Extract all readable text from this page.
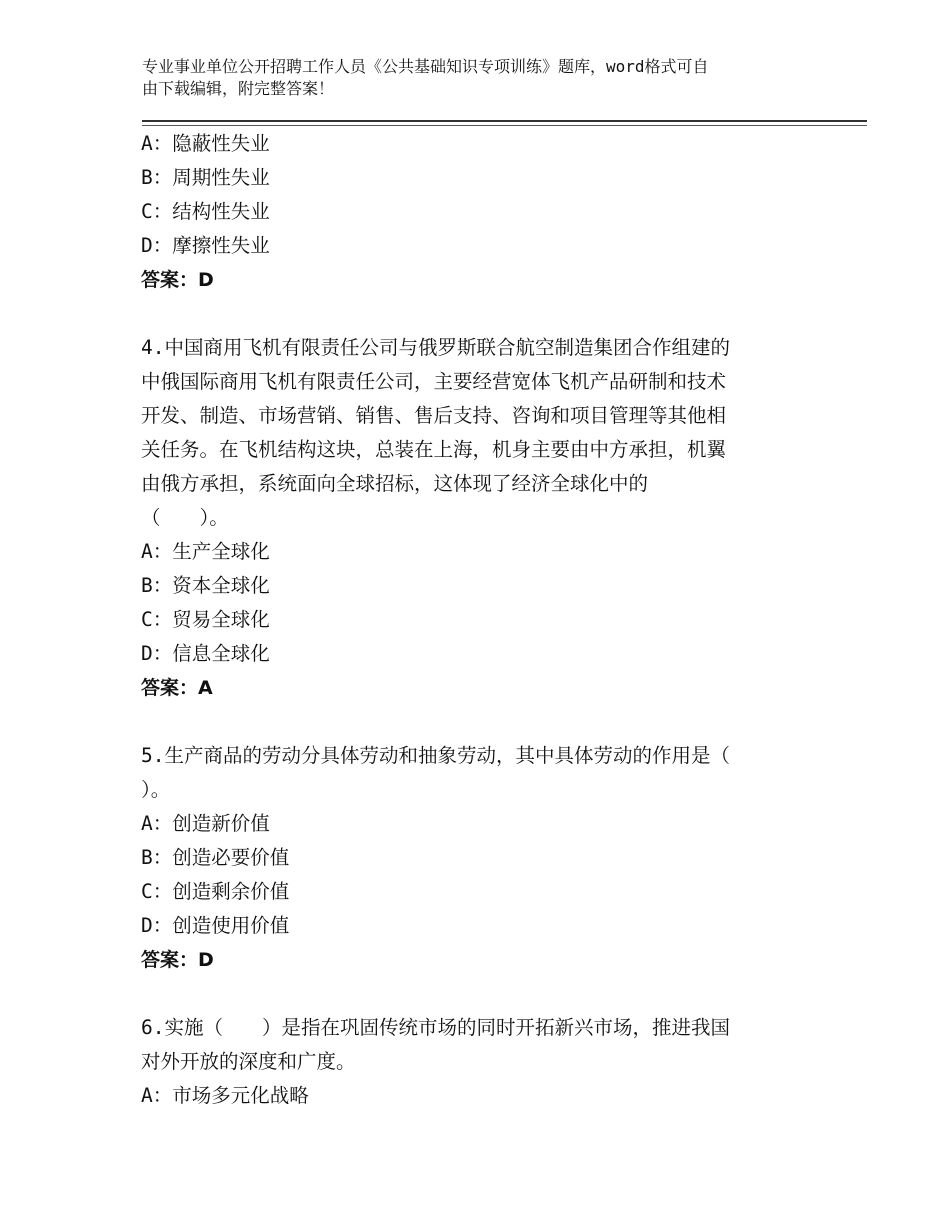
专业事业单位公开招聘工作人员《公共基础知识专项训练》题库，word格式可自
由下载编辑，附完整答案！
A：隐蔽性失业
B：周期性失业
C：结构性失业
D：摩擦性失业
答案：D
4.中国商用飞机有限责任公司与俄罗斯联合航空制造集团合作组建的
中俄国际商用飞机有限责任公司，主要经营宽体飞机产品研制和技术
开发、制造、市场营销、销售、售后支持、咨询和项目管理等其他相
关任务。在飞机结构这块，总装在上海，机身主要由中方承担，机翼
由俄方承担，系统面向全球招标，这体现了经济全球化中的
（　　）。
A：生产全球化
B：资本全球化
C：贸易全球化
D：信息全球化
答案：A
5.生产商品的劳动分具体劳动和抽象劳动，其中具体劳动的作用是（
）。
A：创造新价值
B：创造必要价值
C：创造剩余价值
D：创造使用价值
答案：D
6.实施（　　）是指在巩固传统市场的同时开拓新兴市场，推进我国
对外开放的深度和广度。
A：市场多元化战略
